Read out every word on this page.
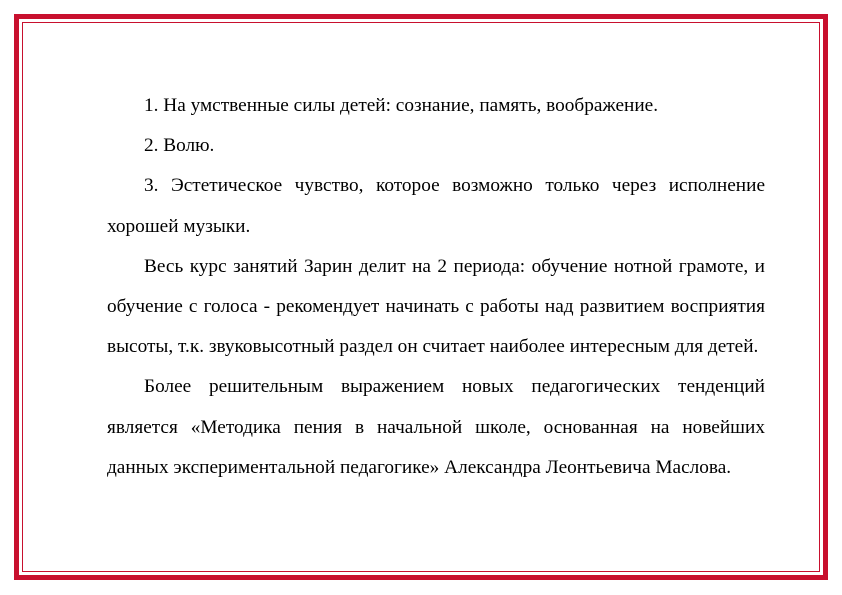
1. На умственные силы детей: сознание, память, воображение.

2. Волю.

3. Эстетическое чувство, которое возможно только через исполнение хорошей музыки.

Весь курс занятий Зарин делит на 2 периода: обучение нотной грамоте, и обучение с голоса - рекомендует начинать с работы над развитием восприятия высоты, т.к. звуковысотный раздел он считает наиболее интересным для детей.

Более решительным выражением новых педагогических тенденций является «Методика пения в начальной школе, основанная на новейших данных экспериментальной педагогике» Александра Леонтьевича Маслова.
